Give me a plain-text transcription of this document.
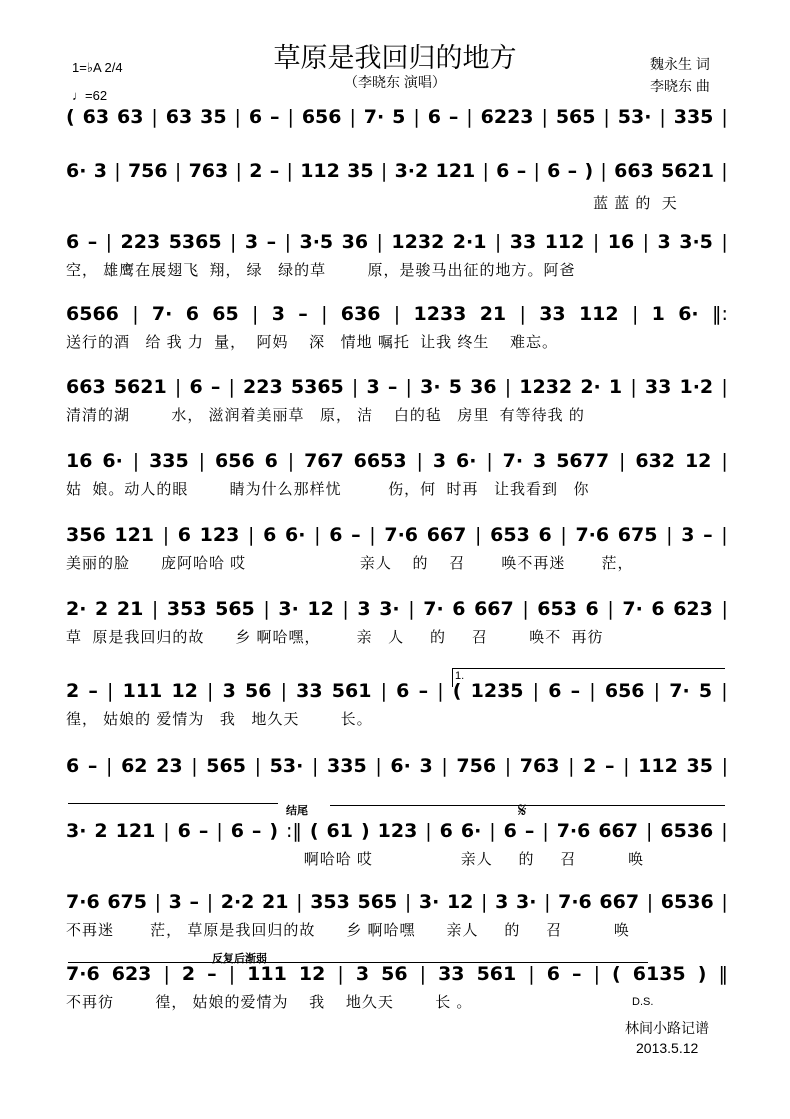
草原是我回归的地方
（李晓东 演唱）
魏永生 词
李晓东 曲
1=♭A 2/4
♩=62
( 63 63 | 63 35 | 6 – | 656 | 7· 5 | 6 – | 6223 | 565 | 53· | 335 |
6· 3 | 756 | 763 | 2 – | 112 35 | 3·2 121 | 6 – | 6 – ) | 663 5621 |
蓝 蓝 的  天
6 – | 223 5365 | 3 – | 3·5 36 | 1232 2·1 | 33 112 | 16 | 3 3·5 |
空， 雄鹰在展翅飞  翔， 绿   绿的草        原，是骏马出征的地方。阿爸
6566 | 7· 6 65 | 3 – | 636 | 1233 21 | 33 112 | 1 6· ‖:
送行的酒   给 我 力  量，  阿妈    深   情地 嘱托  让我 终生    难忘。
663 5621 | 6 – | 223 5365 | 3 – | 3· 5 36 | 1232 2· 1 | 33 1·2 |
清清的湖        水， 滋润着美丽草   原， 洁    白的毡   房里  有等待我 的
16 6· | 335 | 656 6 | 767 6653 | 3 6· | 7· 3 5677 | 632 12 |
姑  娘。动人的眼        睛为什么那样忧         伤，何  时再   让我看到   你
356 121 | 6 123 | 6 6· | 6 – | 7·6 667 | 653 6 | 7·6 675 | 3 – |
美丽的脸      庞阿哈哈 哎                      亲人    的    召       唤不再迷       茫，
2· 2 21 | 353 565 | 3· 12 | 3 3· | 7· 6 667 | 653 6 | 7· 6 623 |
草  原是我回归的故      乡 啊哈嘿，       亲   人     的     召        唤不  再彷
2 – | 111 12 | 3 56 | 33 561 | 6 – | ( 1235 | 6 – | 656 | 7· 5 |
徨， 姑娘的 爱情为   我   地久天        长。
6 – | 62 23 | 565 | 53· | 335 | 6· 3 | 756 | 763 | 2 – | 112 35 |
3· 2 121 | 6 – | 6 – ) :‖ ( 61 ) 123 | 6 6· | 6 – | 7·6 667 | 6536 |
啊哈哈 哎                 亲人     的     召          唤
7·6 675 | 3 – | 2·2 21 | 353 565 | 3· 12 | 3 3· | 7·6 667 | 6536 |
不再迷       茫， 草原是我回归的故      乡 啊哈嘿      亲人     的     召          唤
7·6 623 | 2 – | 111 12 | 3 56 | 33 561 | 6 – | ( 6135 ) ‖
不再彷        徨， 姑娘的爱情为    我    地久天        长 。
1.
结尾	𝄋
反复后渐弱
D.S.
林间小路记谱
2013.5.12
